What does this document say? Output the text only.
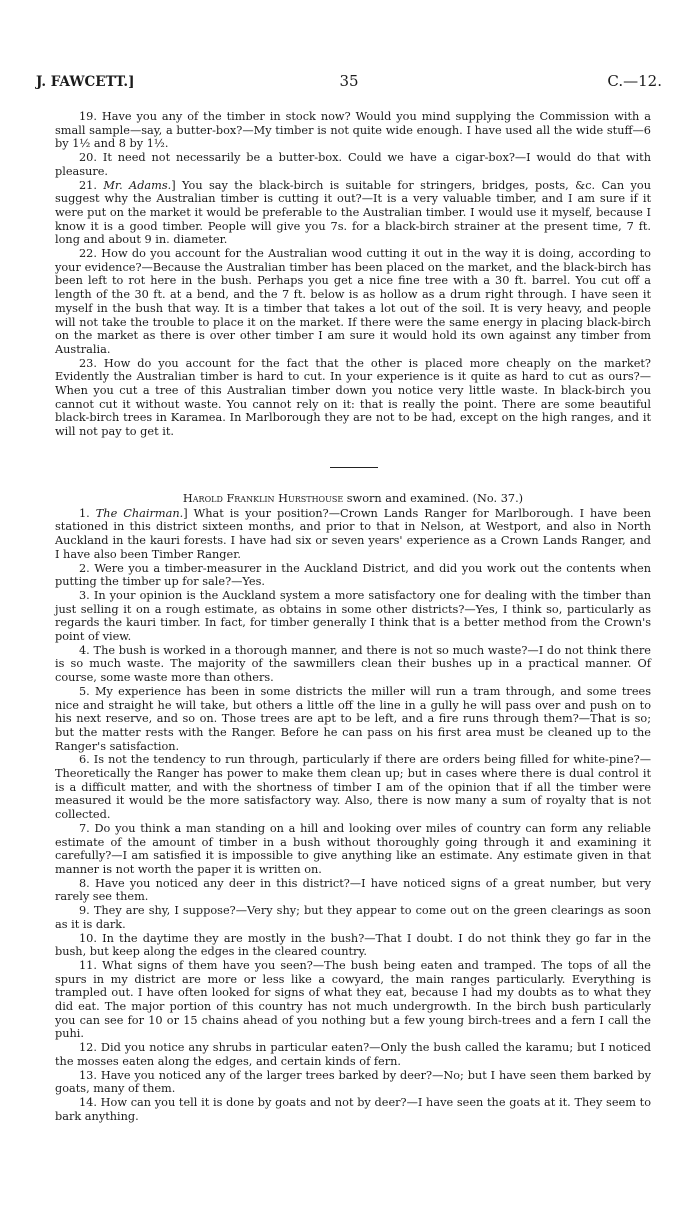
J. FAWCETT.]	35	C.—12.

19. Have you any of the timber in stock now? Would you mind supplying the Commission with a small sample—say, a butter-box?—My timber is not quite wide enough. I have used all the wide stuff—6 by 1½ and 8 by 1½.

20. It need not necessarily be a butter-box. Could we have a cigar-box?—I would do that with pleasure.

21. Mr. Adams.] You say the black-birch is suitable for stringers, bridges, posts, &c. Can you suggest why the Australian timber is cutting it out?—It is a very valuable timber, and I am sure if it were put on the market it would be preferable to the Australian timber. I would use it myself, because I know it is a good timber. People will give you 7s. for a black-birch strainer at the present time, 7 ft. long and about 9 in. diameter.

22. How do you account for the Australian wood cutting it out in the way it is doing, according to your evidence?—Because the Australian timber has been placed on the market, and the black-birch has been left to rot here in the bush. Perhaps you get a nice fine tree with a 30 ft. barrel. You cut off a length of the 30 ft. at a bend, and the 7 ft. below is as hollow as a drum right through. I have seen it myself in the bush that way. It is a timber that takes a lot out of the soil. It is very heavy, and people will not take the trouble to place it on the market. If there were the same energy in placing black-birch on the market as there is over other timber I am sure it would hold its own against any timber from Australia.

23. How do you account for the fact that the other is placed more cheaply on the market? Evidently the Australian timber is hard to cut. In your experience is it quite as hard to cut as ours?—When you cut a tree of this Australian timber down you notice very little waste. In black-birch you cannot cut it without waste. You cannot rely on it: that is really the point. There are some beautiful black-birch trees in Karamea. In Marlborough they are not to be had, except on the high ranges, and it will not pay to get it.

Harold Franklin Hursthouse sworn and examined. (No. 37.)

1. The Chairman.] What is your position?—Crown Lands Ranger for Marlborough. I have been stationed in this district sixteen months, and prior to that in Nelson, at Westport, and also in North Auckland in the kauri forests. I have had six or seven years' experience as a Crown Lands Ranger, and I have also been Timber Ranger.

2. Were you a timber-measurer in the Auckland District, and did you work out the contents when putting the timber up for sale?—Yes.

3. In your opinion is the Auckland system a more satisfactory one for dealing with the timber than just selling it on a rough estimate, as obtains in some other districts?—Yes, I think so, particularly as regards the kauri timber. In fact, for timber generally I think that is a better method from the Crown's point of view.

4. The bush is worked in a thorough manner, and there is not so much waste?—I do not think there is so much waste. The majority of the sawmillers clean their bushes up in a practical manner. Of course, some waste more than others.

5. My experience has been in some districts the miller will run a tram through, and some trees nice and straight he will take, but others a little off the line in a gully he will pass over and push on to his next reserve, and so on. Those trees are apt to be left, and a fire runs through them?—That is so; but the matter rests with the Ranger. Before he can pass on his first area must be cleaned up to the Ranger's satisfaction.

6. Is not the tendency to run through, particularly if there are orders being filled for white-pine?—Theoretically the Ranger has power to make them clean up; but in cases where there is dual control it is a difficult matter, and with the shortness of timber I am of the opinion that if all the timber were measured it would be the more satisfactory way. Also, there is now many a sum of royalty that is not collected.

7. Do you think a man standing on a hill and looking over miles of country can form any reliable estimate of the amount of timber in a bush without thoroughly going through it and examining it carefully?—I am satisfied it is impossible to give anything like an estimate. Any estimate given in that manner is not worth the paper it is written on.

8. Have you noticed any deer in this district?—I have noticed signs of a great number, but very rarely see them.

9. They are shy, I suppose?—Very shy; but they appear to come out on the green clearings as soon as it is dark.

10. In the daytime they are mostly in the bush?—That I doubt. I do not think they go far in the bush, but keep along the edges in the cleared country.

11. What signs of them have you seen?—The bush being eaten and tramped. The tops of all the spurs in my district are more or less like a cowyard, the main ranges particularly. Everything is trampled out. I have often looked for signs of what they eat, because I had my doubts as to what they did eat. The major portion of this country has not much undergrowth. In the birch bush particularly you can see for 10 or 15 chains ahead of you nothing but a few young birch-trees and a fern I call the puhi.

12. Did you notice any shrubs in particular eaten?—Only the bush called the karamu; but I noticed the mosses eaten along the edges, and certain kinds of fern.

13. Have you noticed any of the larger trees barked by deer?—No; but I have seen them barked by goats, many of them.

14. How can you tell it is done by goats and not by deer?—I have seen the goats at it. They seem to bark anything.
